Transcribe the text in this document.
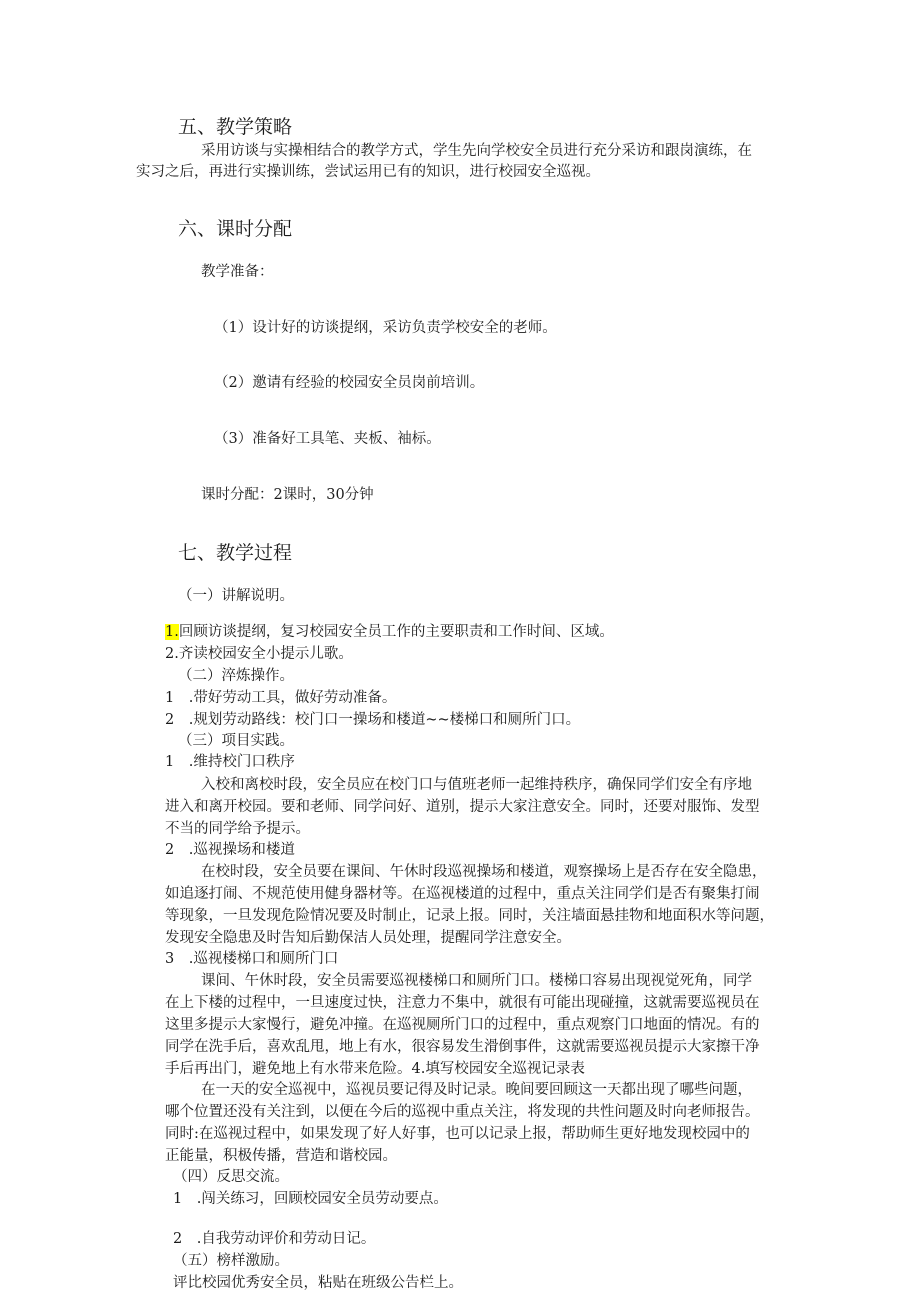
五、教学策略
采用访谈与实操相结合的教学方式，学生先向学校安全员进行充分采访和跟岗演练，在
实习之后，再进行实操训练，尝试运用已有的知识，进行校园安全巡视。
六、课时分配
教学准备：
（1）设计好的访谈提纲，采访负责学校安全的老师。
（2）邀请有经验的校园安全员岗前培训。
（3）准备好工具笔、夹板、袖标。
课时分配：2课时，30分钟
七、教学过程
（一）讲解说明。
1.回顾访谈提纲，复习校园安全员工作的主要职责和工作时间、区域。
2.齐读校园安全小提示儿歌。
（二）淬炼操作。
1　.带好劳动工具，做好劳动准备。
2　.规划劳动路线：校门口一操场和楼道~~楼梯口和厕所门口。
（三）项目实践。
1　.维持校门口秩序
入校和离校时段，安全员应在校门口与值班老师一起维持秩序，确保同学们安全有序地
进入和离开校园。要和老师、同学问好、道别，提示大家注意安全。同时，还要对服饰、发型
不当的同学给予提示。
2　.巡视操场和楼道
在校时段，安全员要在课间、午休时段巡视操场和楼道，观察操场上是否存在安全隐患，
如追逐打闹、不规范使用健身器材等。在巡视楼道的过程中，重点关注同学们是否有聚集打闹
等现象，一旦发现危险情况要及时制止，记录上报。同时，关注墙面悬挂物和地面积水等问题，
发现安全隐患及时告知后勤保洁人员处理，提醒同学注意安全。
3　.巡视楼梯口和厕所门口
课间、午休时段，安全员需要巡视楼梯口和厕所门口。楼梯口容易出现视觉死角，同学
在上下楼的过程中，一旦速度过快，注意力不集中，就很有可能出现碰撞，这就需要巡视员在
这里多提示大家慢行，避免冲撞。在巡视厕所门口的过程中，重点观察门口地面的情况。有的
同学在洗手后，喜欢乱甩，地上有水，很容易发生滑倒事件，这就需要巡视员提示大家擦干净
手后再出门，避免地上有水带来危险。4.填写校园安全巡视记录表
在一天的安全巡视中，巡视员要记得及时记录。晚间要回顾这一天都出现了哪些问题，
哪个位置还没有关注到，以便在今后的巡视中重点关注，将发现的共性问题及时向老师报告。
同时:在巡视过程中，如果发现了好人好事，也可以记录上报，帮助师生更好地发现校园中的
正能量，积极传播，营造和谐校园。
（四）反思交流。
1　.闯关练习，回顾校园安全员劳动要点。
2　.自我劳动评价和劳动日记。
（五）榜样激励。
评比校园优秀安全员，粘贴在班级公告栏上。
